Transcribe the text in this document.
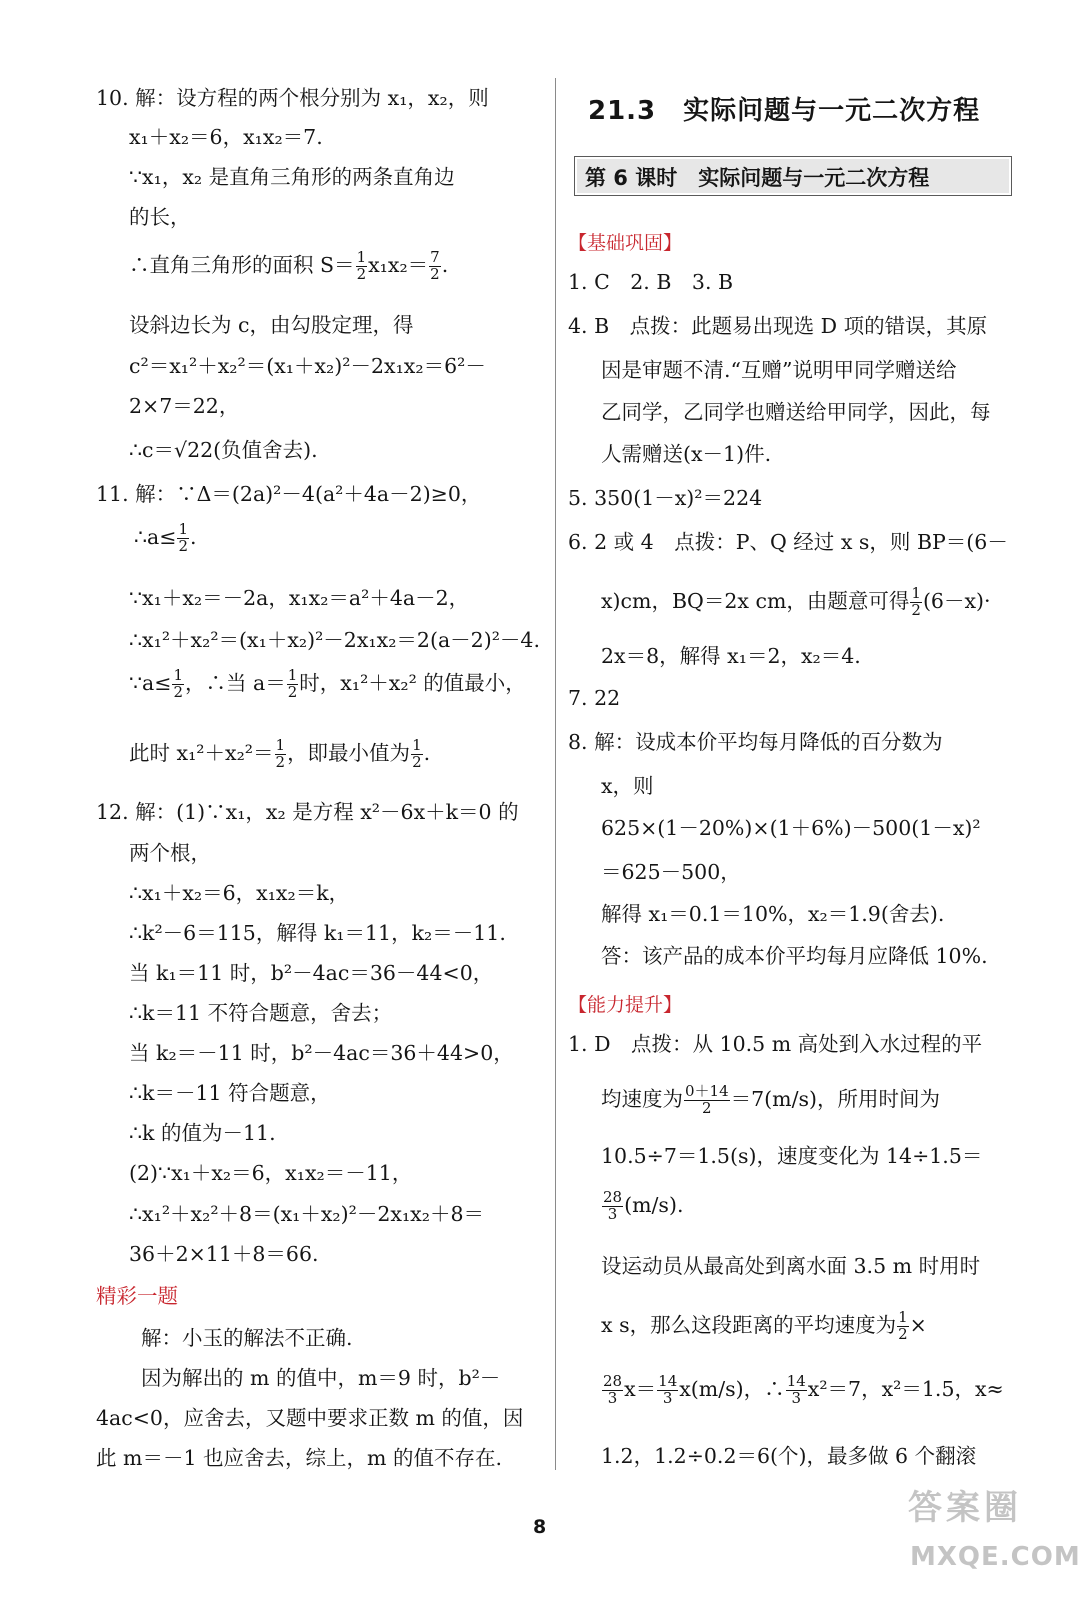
10. 解：设方程的两个根分别为 x₁，x₂，则
x₁＋x₂＝6，x₁x₂＝7.
∵x₁，x₂ 是直角三角形的两条直角边
的长，
∴直角三角形的面积 $S= \frac{1}{2} x_1x_2= \frac{7}{2}$ .
设斜边长为 c，由勾股定理，得
c²＝x₁²＋x₂²＝(x₁＋x₂)²－2x₁x₂＝6²－
2×7＝22，
∴c＝√22(负值舍去).
11. 解：∵Δ＝(2a)²－4(a²＋4a－2)≥0，
∴a≤ $\frac{1}{2}$ .
∵x₁＋x₂＝－2a，x₁x₂＝a²＋4a－2，
∴x₁²＋x₂²＝(x₁＋x₂)²－2x₁x₂＝2(a－2)²－4.
∵a≤ $\frac{1}{2}$ ，∴当 $a= \frac{1}{2}$ 时，x₁²＋x₂² 的值最小，
此时 $x_1^2+x_2^2= \frac{1}{2}$ ，即最小值为 $\frac{1}{2}$ .
12. 解：(1)∵x₁，x₂ 是方程 x²－6x＋k＝0 的
两个根，
∴x₁＋x₂＝6，x₁x₂＝k，
∴k²－6＝115，解得 k₁＝11，k₂＝－11.
当 k₁＝11 时，b²－4ac＝36－44<0，
∴k＝11 不符合题意，舍去；
当 k₂＝－11 时，b²－4ac＝36＋44>0，
∴k＝－11 符合题意，
∴k 的值为－11.
(2)∵x₁＋x₂＝6，x₁x₂＝－11，
∴x₁²＋x₂²＋8＝(x₁＋x₂)²－2x₁x₂＋8＝
36＋2×11＋8＝66.
精彩一题
解：小玉的解法不正确.
因为解出的 m 的值中，m＝9 时，b²－
4ac<0，应舍去，又题中要求正数 m 的值，因
此 m＝－1 也应舍去，综上，m 的值不存在.
21.3　实际问题与一元二次方程
第 6 课时　实际问题与一元二次方程
【基础巩固】
1. C　2. B　3. B
4. B　点拨：此题易出现选 D 项的错误，其原
因是审题不清.“互赠”说明甲同学赠送给
乙同学，乙同学也赠送给甲同学，因此，每
人需赠送(x－1)件.
5. 350(1－x)²＝224
6. 2 或 4　点拨：P、Q 经过 x s，则 BP＝(6－
x)cm，BQ＝2x cm，由题意可得 $\frac{1}{2} (6-x)\cdot$
2x＝8，解得 x₁＝2，x₂＝4.
7. 22
8. 解：设成本价平均每月降低的百分数为
x，则
625×(1－20%)×(1＋6%)－500(1－x)²
＝625－500，
解得 x₁＝0.1＝10%，x₂＝1.9(舍去).
答：该产品的成本价平均每月应降低 10%.
【能力提升】
1. D　点拨：从 10.5 m 高处到入水过程的平
均速度为 $\frac{0+14}{2} =7(m/s)$，所用时间为
10.5÷7＝1.5(s)，速度变化为 14÷1.5＝
$\frac{28}{3} (m/s)$.
设运动员从最高处到离水面 3.5 m 时用时
x s，那么这段距离的平均速度为 $\frac{1}{2}$ ×
$\frac{28}{3} x= \frac{14}{3} x(m/s)$，∴ $\frac{14}{3} x^2=7$，x²＝1.5，x≈
1.2，1.2÷0.2＝6(个)，最多做 6 个翻滚
8	答案圈
MXQE.COM
